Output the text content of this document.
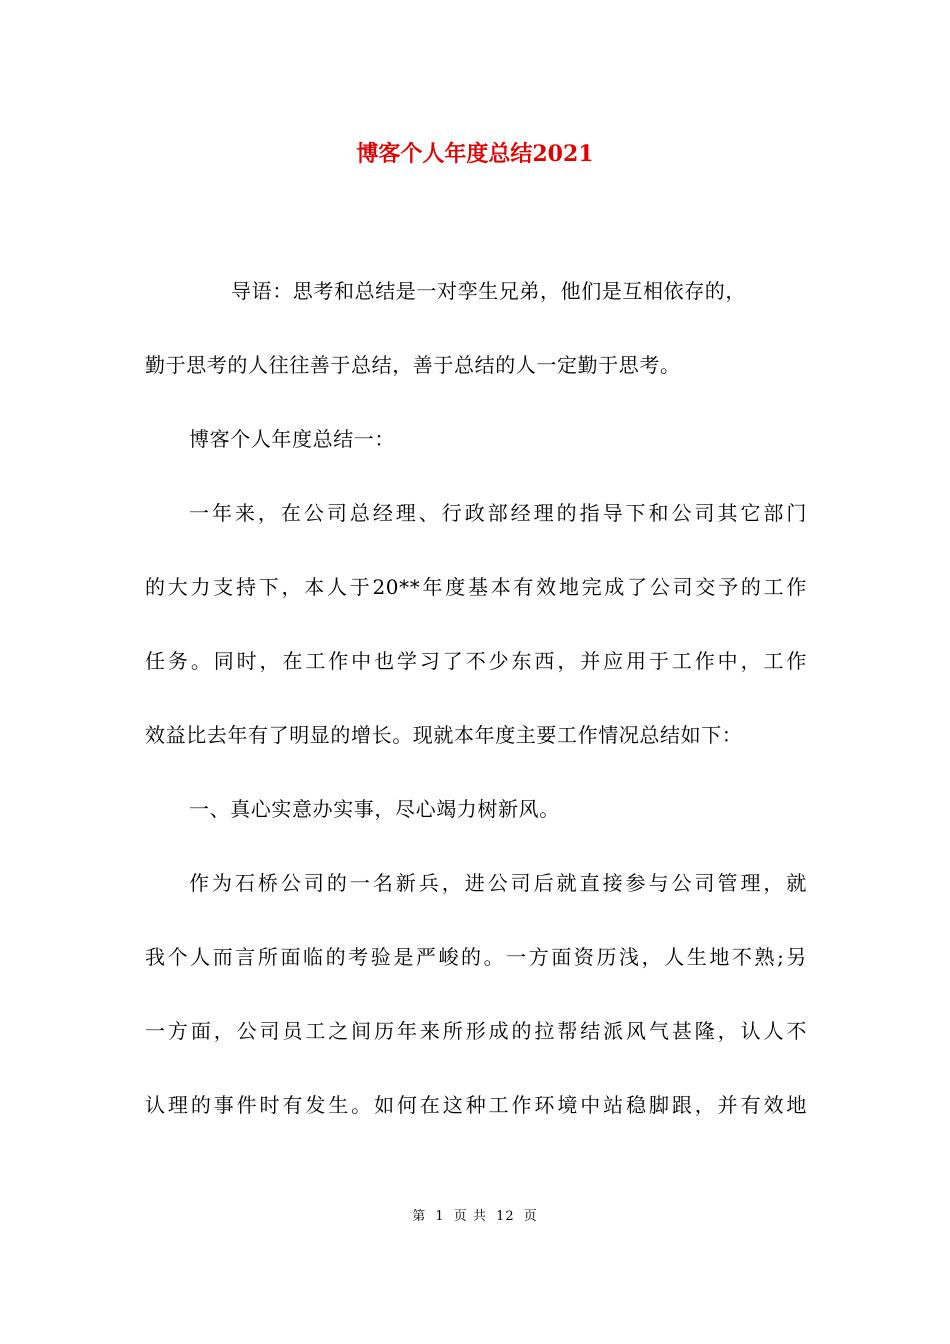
博客个人年度总结2021
导语：思考和总结是一对孪生兄弟，他们是互相依存的，
勤于思考的人往往善于总结，善于总结的人一定勤于思考。
博客个人年度总结一：
一年来，在公司总经理、行政部经理的指导下和公司其它部门
的大力支持下，本人于20**年度基本有效地完成了公司交予的工作
任务。同时，在工作中也学习了不少东西，并应用于工作中，工作
效益比去年有了明显的增长。现就本年度主要工作情况总结如下：
一、真心实意办实事，尽心竭力树新风。
作为石桥公司的一名新兵，进公司后就直接参与公司管理，就
我个人而言所面临的考验是严峻的。一方面资历浅，人生地不熟;另
一方面，公司员工之间历年来所形成的拉帮结派风气甚隆，认人不
认理的事件时有发生。如何在这种工作环境中站稳脚跟，并有效地
第 1 页 共 12 页
